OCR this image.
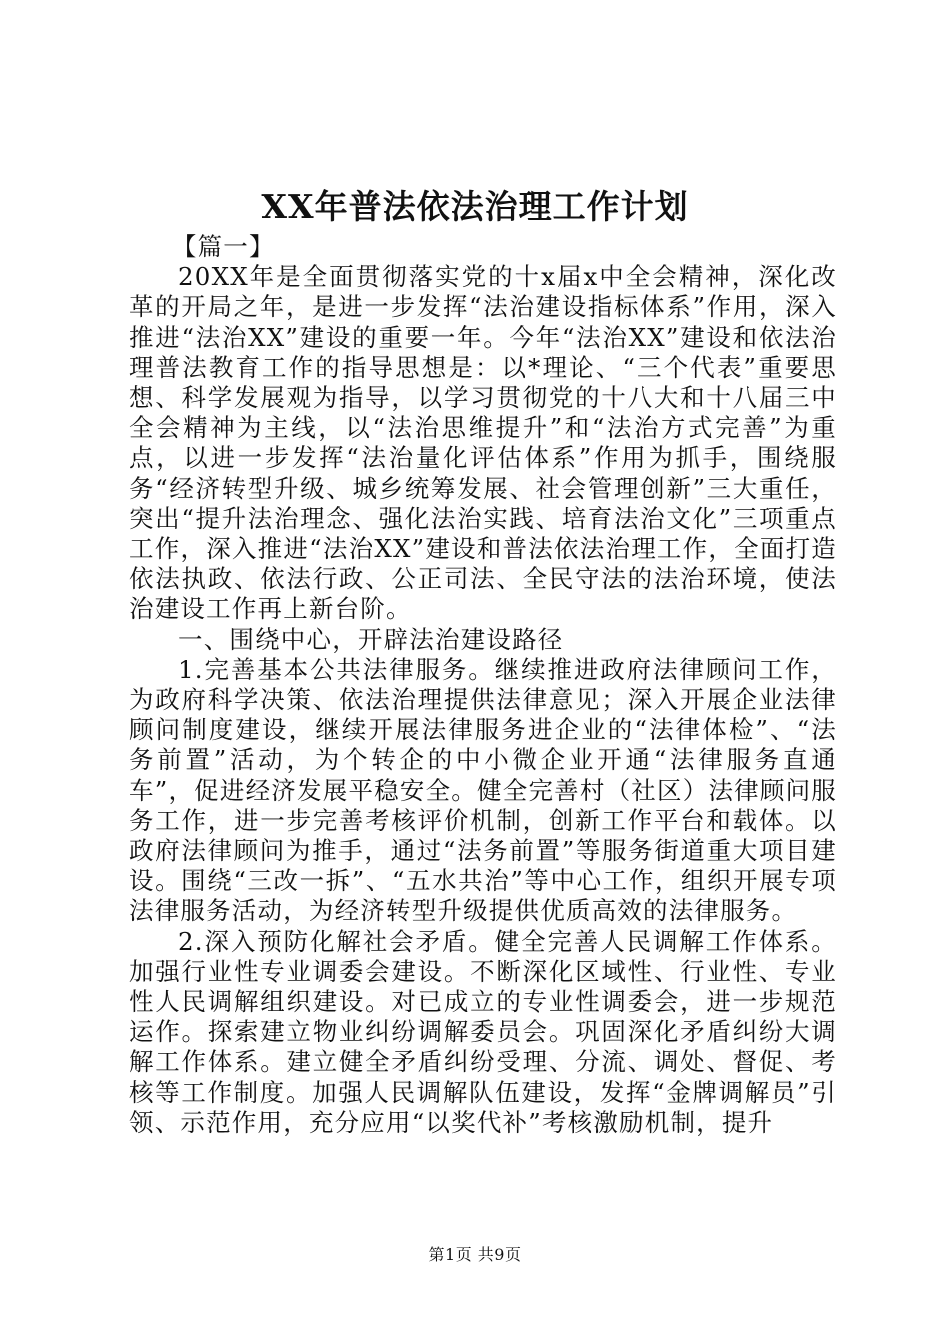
XX年普法依法治理工作计划

【篇一】

20XX年是全面贯彻落实党的十x届x中全会精神，深化改革的开局之年，是进一步发挥“法治建设指标体系”作用，深入推进“法治XX”建设的重要一年。今年“法治XX”建设和依法治理普法教育工作的指导思想是：以*理论、“三个代表”重要思想、科学发展观为指导，以学习贯彻党的十八大和十八届三中全会精神为主线，以“法治思维提升”和“法治方式完善”为重点，以进一步发挥“法治量化评估体系”作用为抓手，围绕服务“经济转型升级、城乡统筹发展、社会管理创新”三大重任，突出“提升法治理念、强化法治实践、培育法治文化”三项重点工作，深入推进“法治XX”建设和普法依法治理工作，全面打造依法执政、依法行政、公正司法、全民守法的法治环境，使法治建设工作再上新台阶。

一、围绕中心，开辟法治建设路径

1.完善基本公共法律服务。继续推进政府法律顾问工作，为政府科学决策、依法治理提供法律意见；深入开展企业法律顾问制度建设，继续开展法律服务进企业的“法律体检”、“法务前置”活动，为个转企的中小微企业开通“法律服务直通车”，促进经济发展平稳安全。健全完善村（社区）法律顾问服务工作，进一步完善考核评价机制，创新工作平台和载体。以政府法律顾问为推手，通过“法务前置”等服务街道重大项目建设。围绕“三改一拆”、“五水共治”等中心工作，组织开展专项法律服务活动，为经济转型升级提供优质高效的法律服务。

2.深入预防化解社会矛盾。健全完善人民调解工作体系。加强行业性专业调委会建设。不断深化区域性、行业性、专业性人民调解组织建设。对已成立的专业性调委会，进一步规范运作。探索建立物业纠纷调解委员会。巩固深化矛盾纠纷大调解工作体系。建立健全矛盾纠纷受理、分流、调处、督促、考核等工作制度。加强人民调解队伍建设，发挥“金牌调解员”引领、示范作用，充分应用“以奖代补”考核激励机制，提升

第1页 共9页
